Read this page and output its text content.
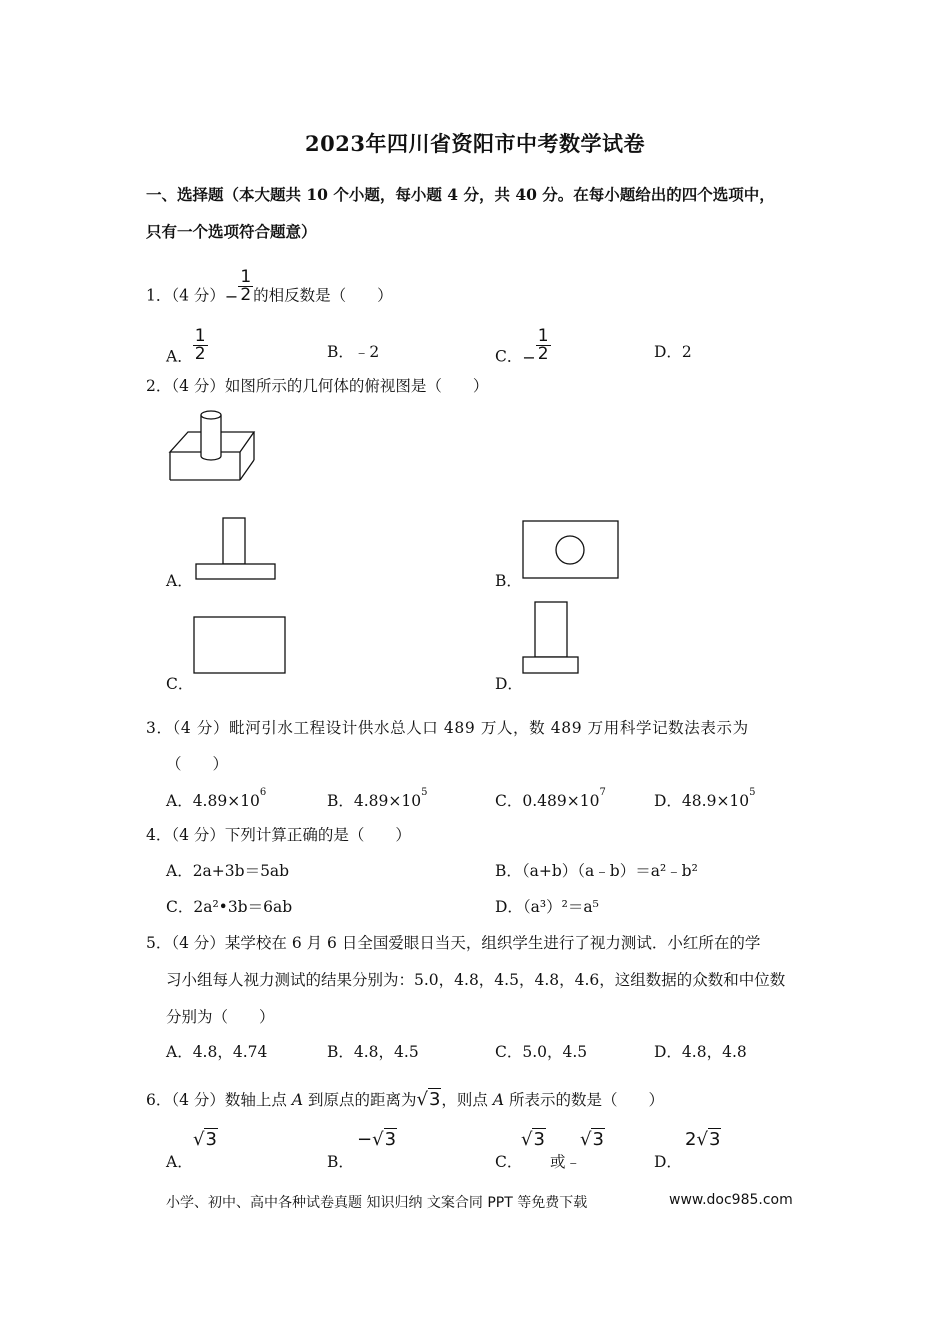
2023年四川省资阳市中考数学试卷
一、选择题（本大题共 10 个小题，每小题 4 分，共 40 分。在每小题给出的四个选项中，
只有一个选项符合题意）
1．（4 分）− $\frac{1}{2}$ 的相反数是（　　）
A． $\frac{1}{2}$	B．﹣2	C．− $\frac{1}{2}$	D．2
2．（4 分）如图所示的几何体的俯视图是（　　）
A．	B．
C．	D．
3．（4 分）毗河引水工程设计供水总人口 489 万人，数 489 万用科学记数法表示为
（　　）
A．$4.89\times 10^6$	B．$4.89\times 10^5$	C．$0.489\times 10^7$	D．$48.9\times 10^5$
4．（4 分）下列计算正确的是（　　）
A．2a+3b＝5ab	B．（a+b）（a﹣b）＝a²﹣b²
C．2a²•3b＝6ab	D．（a³）²＝a⁵
5．（4 分）某学校在 6 月 6 日全国爱眼日当天，组织学生进行了视力测试．小红所在的学
习小组每人视力测试的结果分别为：5.0，4.8，4.5，4.8，4.6，这组数据的众数和中位数
分别为（　　）
A．4.8，4.74	B．4.8，4.5	C．5.0，4.5	D．4.8，4.8
6．（4 分）数轴上点 A 到原点的距离为√3，则点 A 所表示的数是（　　）
A．
√3
B．
−√3
C．
√3
或﹣
√3
D．
2√3
小学、初中、高中各种试卷真题 知识归纳 文案合同 PPT 等免费下载	www.doc985.com
